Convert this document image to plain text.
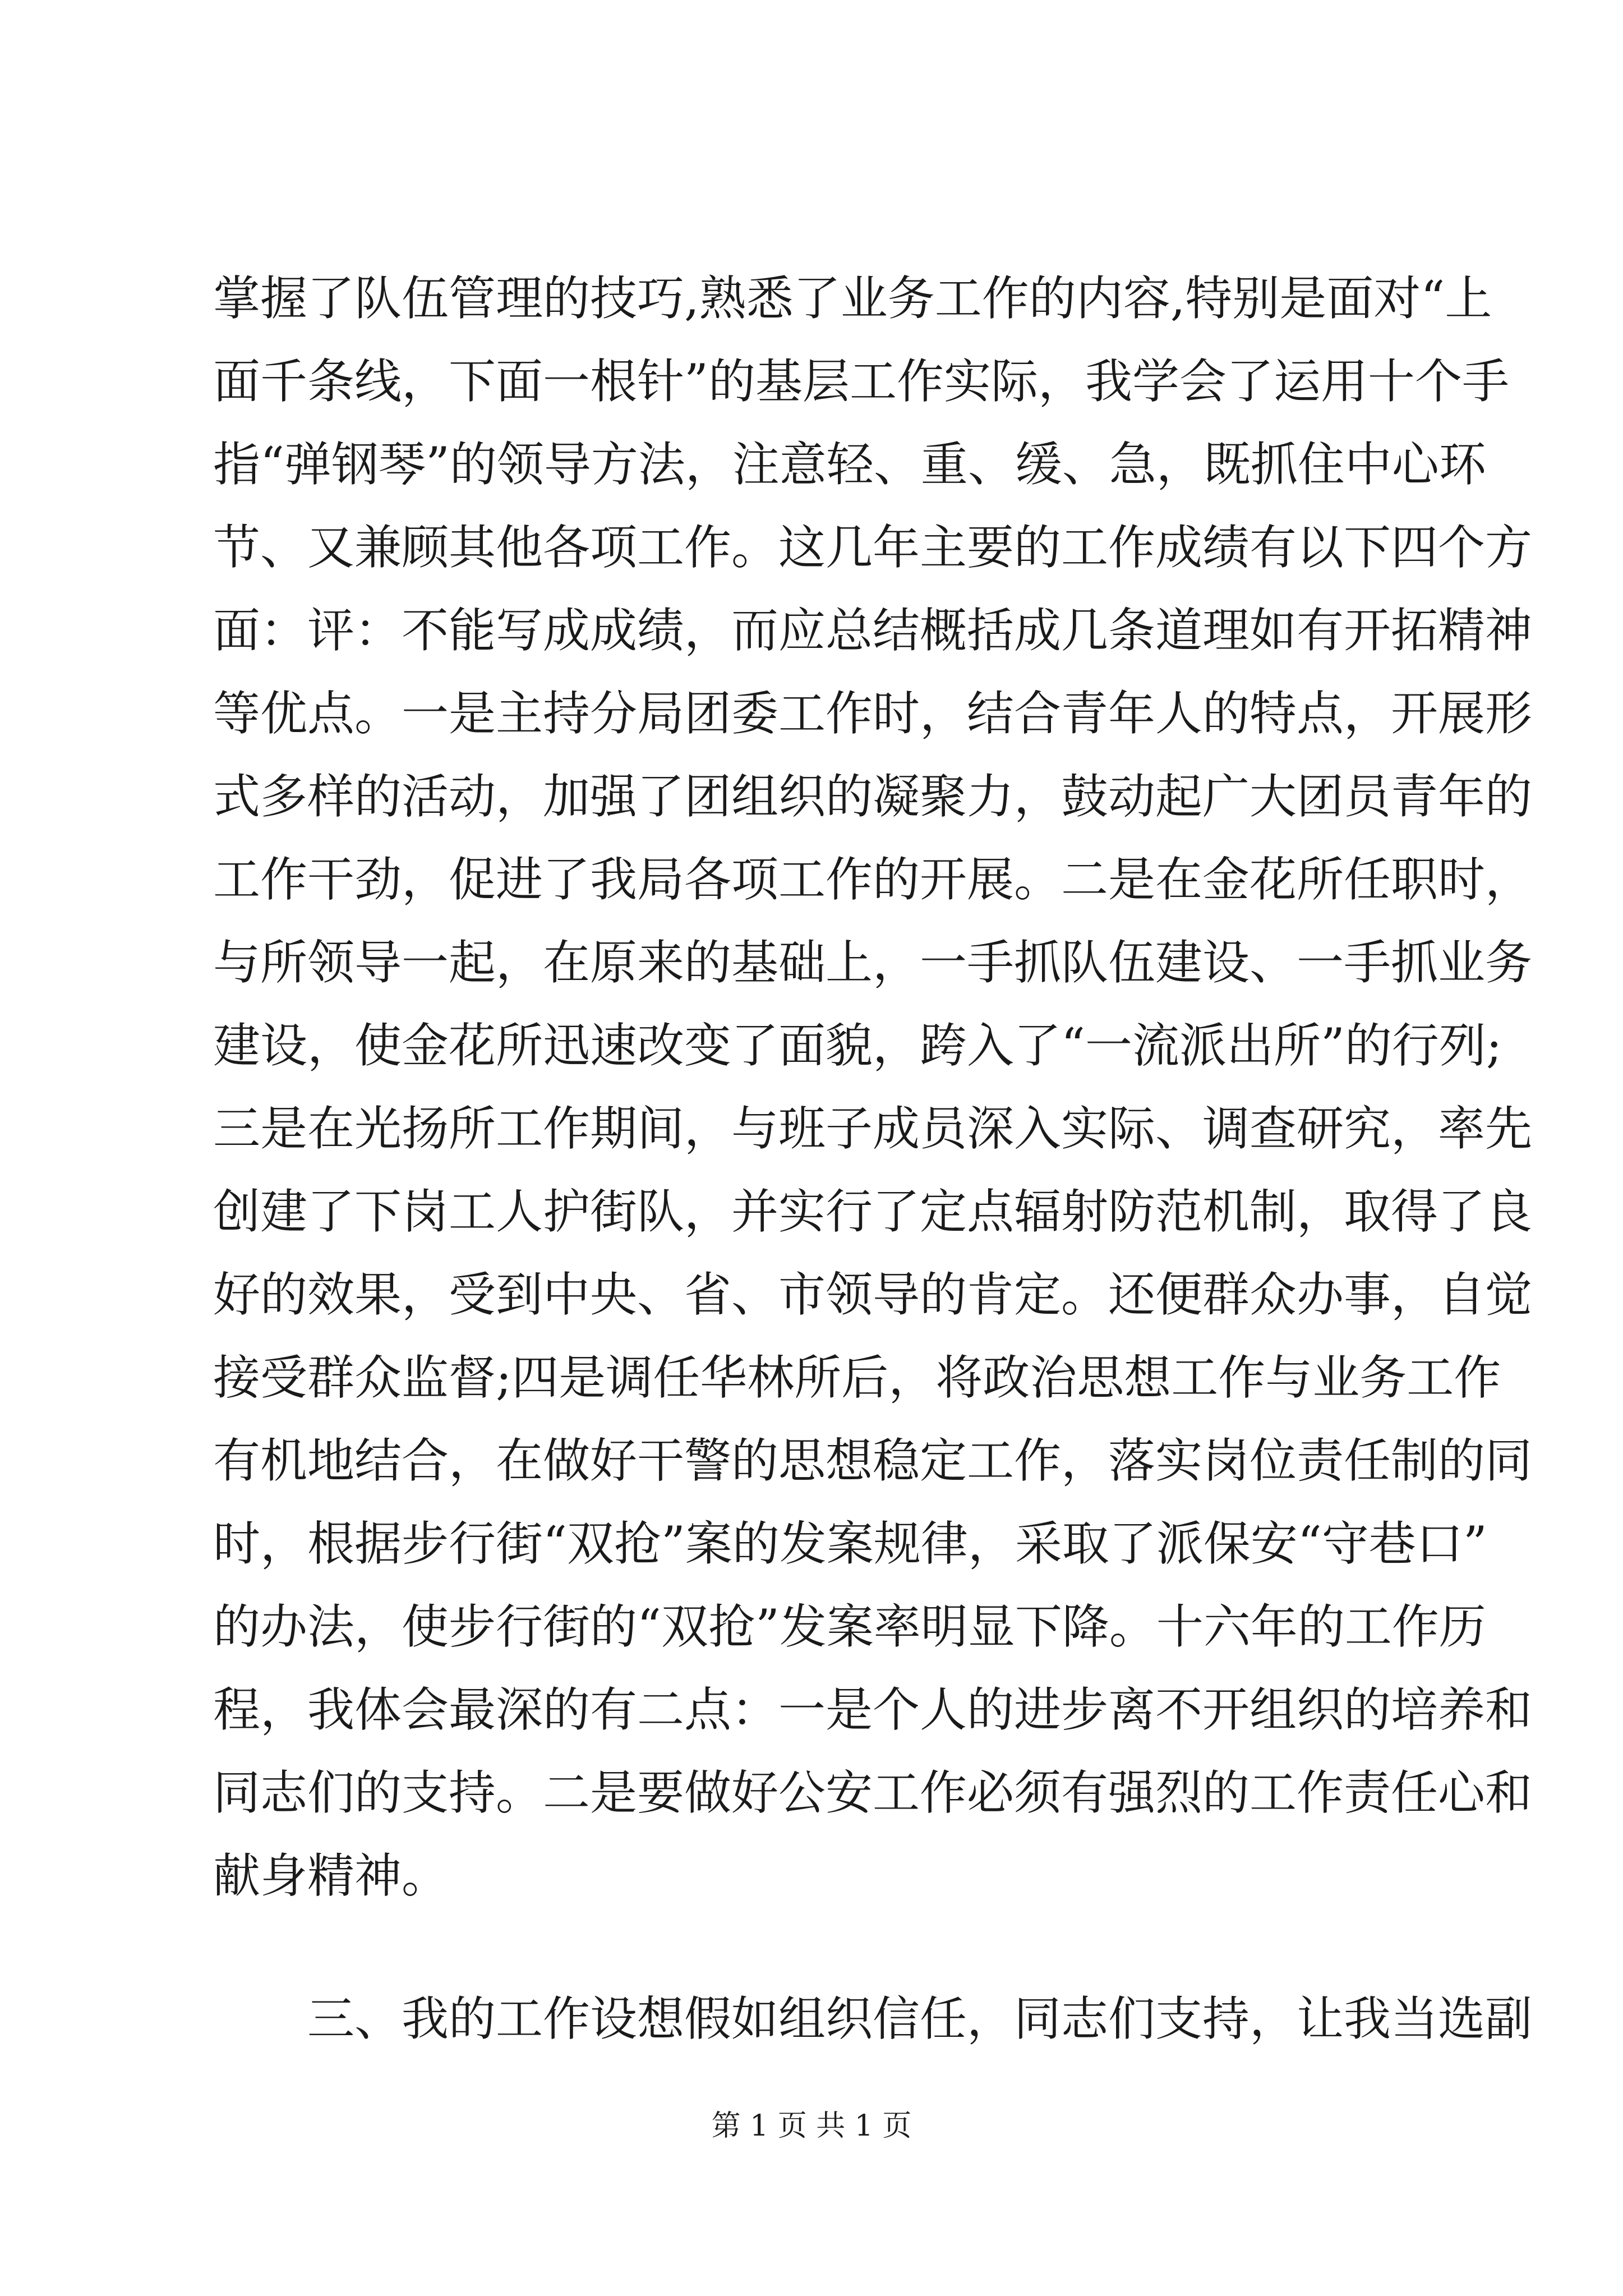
掌握了队伍管理的技巧,熟悉了业务工作的内容,特别是面对“上
面千条线，下面一根针”的基层工作实际，我学会了运用十个手
指“弹钢琴”的领导方法，注意轻、重、缓、急，既抓住中心环
节、又兼顾其他各项工作。这几年主要的工作成绩有以下四个方
面：评：不能写成成绩，而应总结概括成几条道理如有开拓精神
等优点。一是主持分局团委工作时，结合青年人的特点，开展形
式多样的活动，加强了团组织的凝聚力，鼓动起广大团员青年的
工作干劲，促进了我局各项工作的开展。二是在金花所任职时，
与所领导一起，在原来的基础上，一手抓队伍建设、一手抓业务
建设，使金花所迅速改变了面貌，跨入了“一流派出所”的行列;
三是在光扬所工作期间，与班子成员深入实际、调查研究，率先
创建了下岗工人护街队，并实行了定点辐射防范机制，取得了良
好的效果，受到中央、省、市领导的肯定。还便群众办事，自觉
接受群众监督;四是调任华林所后，将政治思想工作与业务工作
有机地结合，在做好干警的思想稳定工作，落实岗位责任制的同
时，根据步行街“双抢”案的发案规律，采取了派保安“守巷口”
的办法，使步行街的“双抢”发案率明显下降。十六年的工作历
程，我体会最深的有二点：一是个人的进步离不开组织的培养和
同志们的支持。二是要做好公安工作必须有强烈的工作责任心和
献身精神。
三、我的工作设想假如组织信任，同志们支持，让我当选副
第 1 页 共 1 页
